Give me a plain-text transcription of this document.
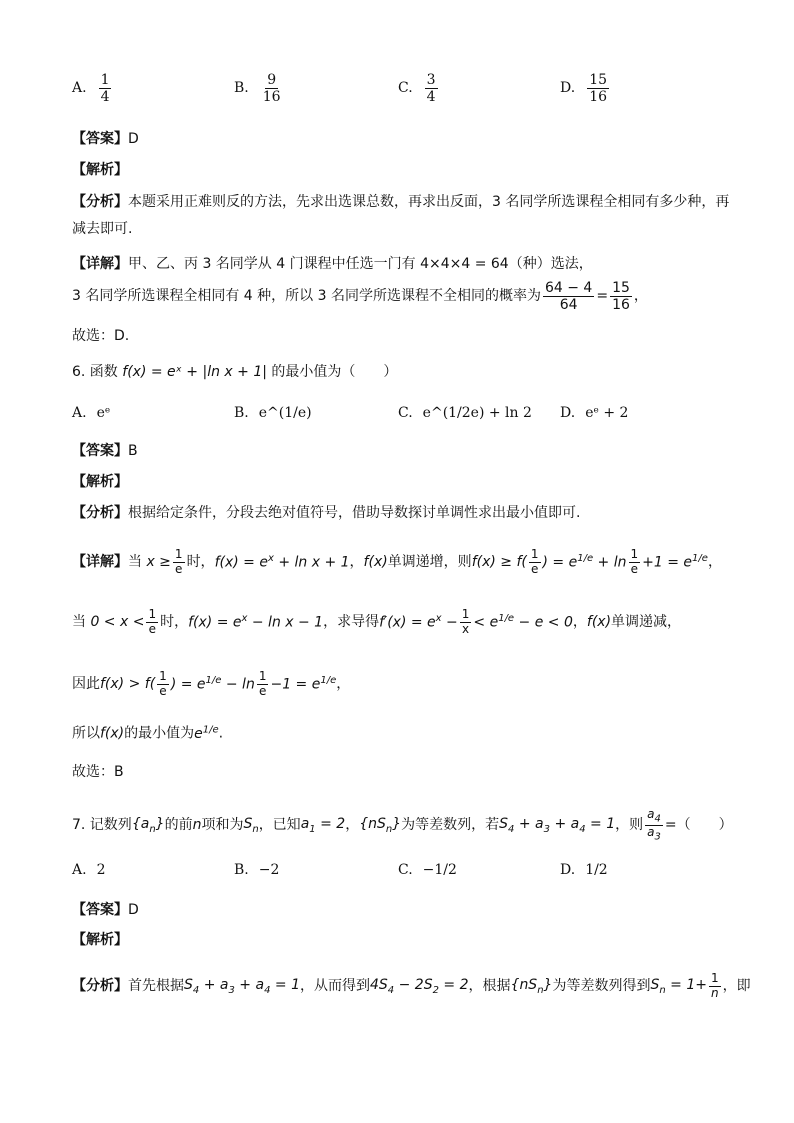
A. $\frac{1}{4}$	B. $\frac{9}{16}$	C. $\frac{3}{4}$	D. $\frac{15}{16}$
【答案】D
【解析】
【分析】本题采用正难则反的方法，先求出选课总数，再求出反面，3 名同学所选课程全相同有多少种，再减去即可.
【详解】甲、乙、丙 3 名同学从 4 门课程中任选一门有 4×4×4 = 64（种）选法，
3 名同学所选课程全相同有 4 种，所以 3 名同学所选课程不全相同的概率为 $\frac{64 - 4}{64} = \frac{15}{16}$ ，
故选：D.
6. 函数 f(x) = eˣ + |ln x + 1| 的最小值为（　　）
A. eᵉ	B. e^(1/e)	C. e^(1/2e) + ln 2 D. eᵉ + 2
【答案】B
【解析】
【分析】根据给定条件，分段去绝对值符号，借助导数探讨单调性求出最小值即可.
【详解】 当 $x \ge \frac{1}{e}$ 时， $f(x) = e^x + \ln x + 1$ ， f(x) 单调递增，则 $f(x) \ge f( \frac{1}{e}$ ) = $e^{1/e} + \ln \frac{1}{e} +1 = e^{1/e}$ ，
当 $0 < x < \frac{1}{e}$ 时， $f(x) = e^x - \ln x - 1$ ，求导得 $f'(x) = e^x - \frac{1}{x} < e^{1/e} - e < 0$ ， f(x) 单调递减，
因此 $f(x) > f( \frac{1}{e}$ ) = $e^{1/e} - \ln \frac{1}{e} -1 = e^{1/e}$ ，
所以f(x)的最小值为$e^{1/e}$.
故选：B
7. 记数列 $\{a_n\}$ 的前 n 项和为 $S_n$ ，已知 $a_1 = 2$ ， $\{nS_n\}$ 为等差数列，若 $S_4 + a_3 + a_4 = 1$ ，则 $\frac{a_4}{a_3}$ =（　　）
A. 2	B. −2	C. −1/2	D. 1/2
【答案】D
【解析】
【分析】 首先根据 $S_4 + a_3 + a_4 = 1$ ，从而得到 $4S_4 - 2S_2 = 2$ ，根据 $\{nS_n\}$ 为等差数列得到 $S_n = 1+ \frac{1}{n}$ ，即
